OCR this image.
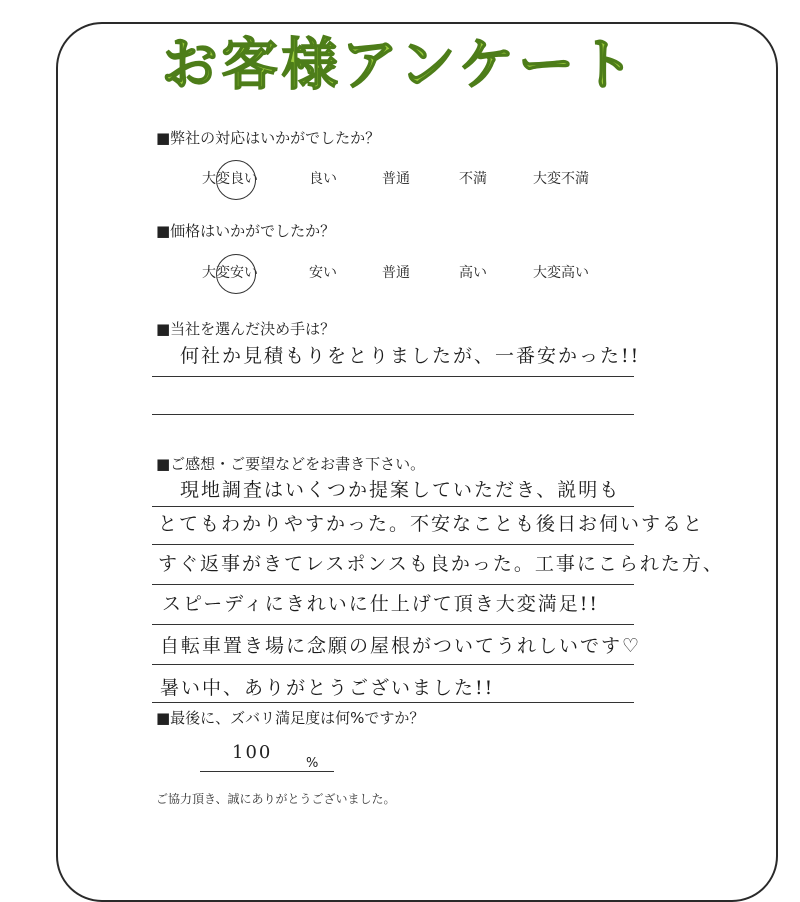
お客様アンケート
■弊社の対応はいかがでしたか？
大変良い	良い	普通	不満	大変不満
■価格はいかがでしたか？
大変安い	安い	普通	高い	大変高い
■当社を選んだ決め手は？
何社か見積もりをとりましたが、一番安かった!!
■ご感想・ご要望などをお書き下さい。
現地調査はいくつか提案していただき、説明も
とてもわかりやすかった。不安なことも後日お伺いすると
すぐ返事がきてレスポンスも良かった。工事にこられた方、
スピーディにきれいに仕上げて頂き大変満足!!
自転車置き場に念願の屋根がついてうれしいです♡
暑い中、ありがとうございました!!
■最後に、ズバリ満足度は何%ですか？
100
%
ご協力頂き、誠にありがとうございました。
